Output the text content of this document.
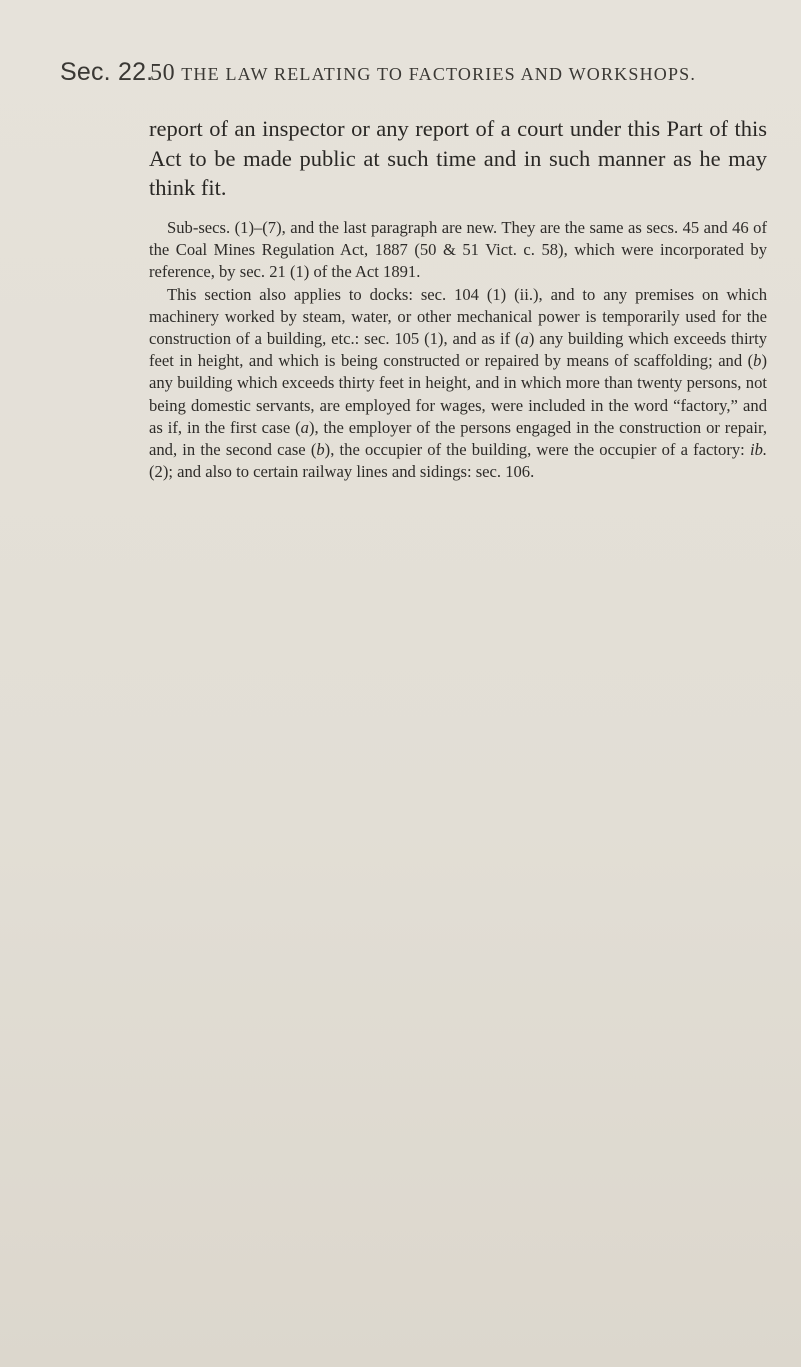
Sec. 22.
50 THE LAW RELATING TO FACTORIES AND WORKSHOPS.

report of an inspector or any report of a court under this Part of this Act to be made public at such time and in such manner as he may think fit.

Sub-secs. (1)–(7), and the last paragraph are new. They are the same as secs. 45 and 46 of the Coal Mines Regulation Act, 1887 (50 & 51 Vict. c. 58), which were incorporated by reference, by sec. 21 (1) of the Act 1891.

This section also applies to docks: sec. 104 (1) (ii.), and to any premises on which machinery worked by steam, water, or other mechanical power is temporarily used for the construction of a building, etc.: sec. 105 (1), and as if (a) any building which exceeds thirty feet in height, and which is being constructed or repaired by means of scaffolding; and (b) any building which exceeds thirty feet in height, and in which more than twenty persons, not being domestic servants, are employed for wages, were included in the word “factory,” and as if, in the first case (a), the employer of the persons engaged in the construction or repair, and, in the second case (b), the occupier of the building, were the occupier of a factory: ib. (2); and also to certain railway lines and sidings: sec. 106.
